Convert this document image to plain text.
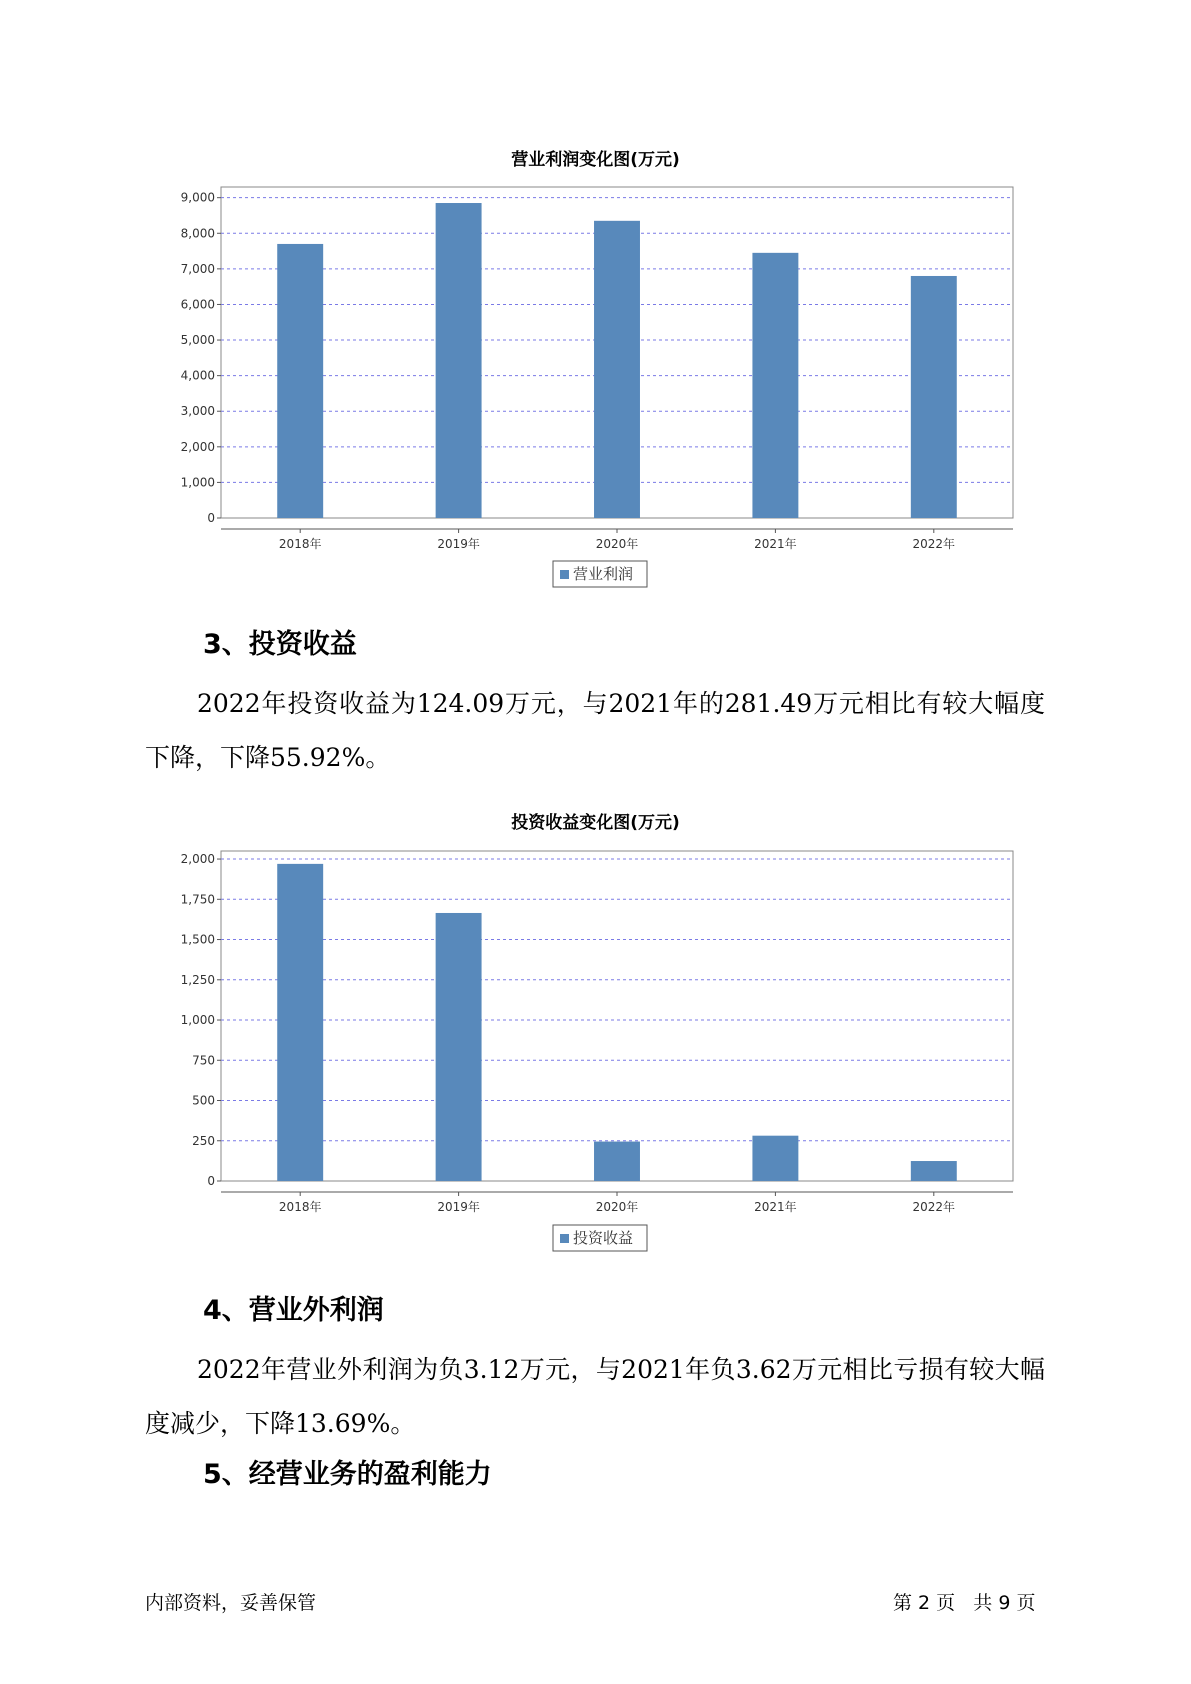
营业利润变化图(万元)
0
1,000
2,000
3,000
4,000
5,000
6,000
7,000
8,000
9,000
2018年	2019年	2020年	2021年	2022年
营业利润
3、投资收益
2022年投资收益为124.09万元，与2021年的281.49万元相比有较大幅度下降，下降55.92%。
投资收益变化图(万元)
0
250
500
750
1,000
1,250
1,500
1,750
2,000
2018年	2019年	2020年	2021年	2022年
投资收益
4、营业外利润
2022年营业外利润为负3.12万元，与2021年负3.62万元相比亏损有较大幅度减少，下降13.69%。
5、经营业务的盈利能力
内部资料，妥善保管	第 2 页   共 9 页
